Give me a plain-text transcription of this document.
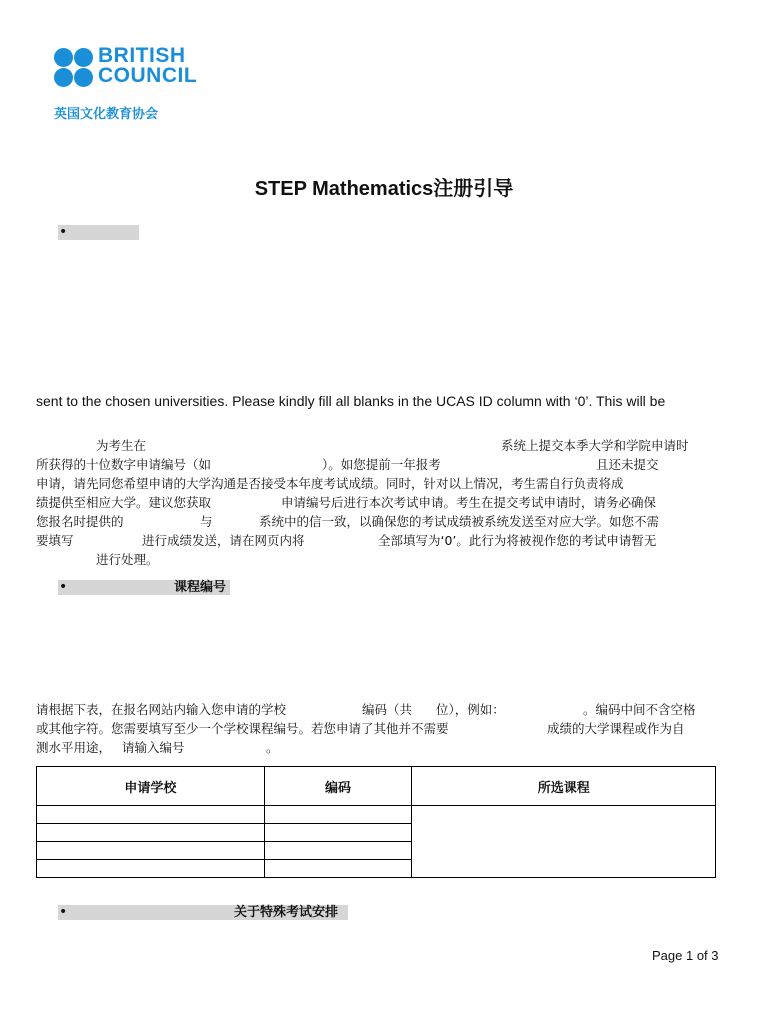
BRITISH
COUNCIL
英国文化教育协会
STEP Mathematics注册引导
•
sent to the chosen universities. Please kindly fill all blanks in the UCAS ID column with ‘0’. This will be
为考生在	系统上提交本季大学和学院申请时
所获得的十位数字申请编号（如	）。如您提前一年报考	且还未提交
申请，请先同您希望申请的大学沟通是否接受本年度考试成绩。同时，针对以上情况，考生需自行负责将成
绩提供至相应大学。建议您获取	申请编号后进行本次考试申请。考生在提交考试申请时，请务必确保
您报名时提供的	与	系统中的信一致，以确保您的考试成绩被系统发送至对应大学。如您不需
要填写	进行成绩发送，请在网页内将	全部填写为‘0’。此行为将被视作您的考试申请暂无
进行处理。
•	课程编号
请根据下表，在报名网站内输入您申请的学校	编码（共 位），例如：	。编码中间不含空格
或其他字符。您需要填写至少一个学校课程编号。若您申请了其他并不需要	成绩的大学课程或作为自
测水平用途， 请输入编号	。
申请学校	编码	所选课程

•	关于特殊考试安排
Page 1 of 3
